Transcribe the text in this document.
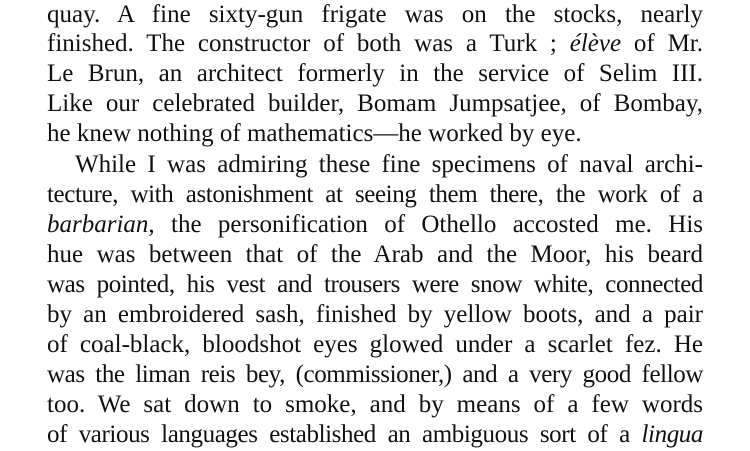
quay. A fine sixty-gun frigate was on the stocks, nearly
finished. The constructor of both was a Turk ; élève of Mr.
Le Brun, an architect formerly in the service of Selim III.
Like our celebrated builder, Bomam Jumpsatjee, of Bombay,
he knew nothing of mathematics—he worked by eye.
While I was admiring these fine specimens of naval archi-
tecture, with astonishment at seeing them there, the work of a
barbarian, the personification of Othello accosted me. His
hue was between that of the Arab and the Moor, his beard
was pointed, his vest and trousers were snow white, connected
by an embroidered sash, finished by yellow boots, and a pair
of coal-black, bloodshot eyes glowed under a scarlet fez. He
was the liman reis bey, (commissioner,) and a very good fellow
too. We sat down to smoke, and by means of a few words
of various languages established an ambiguous sort of a lingua
